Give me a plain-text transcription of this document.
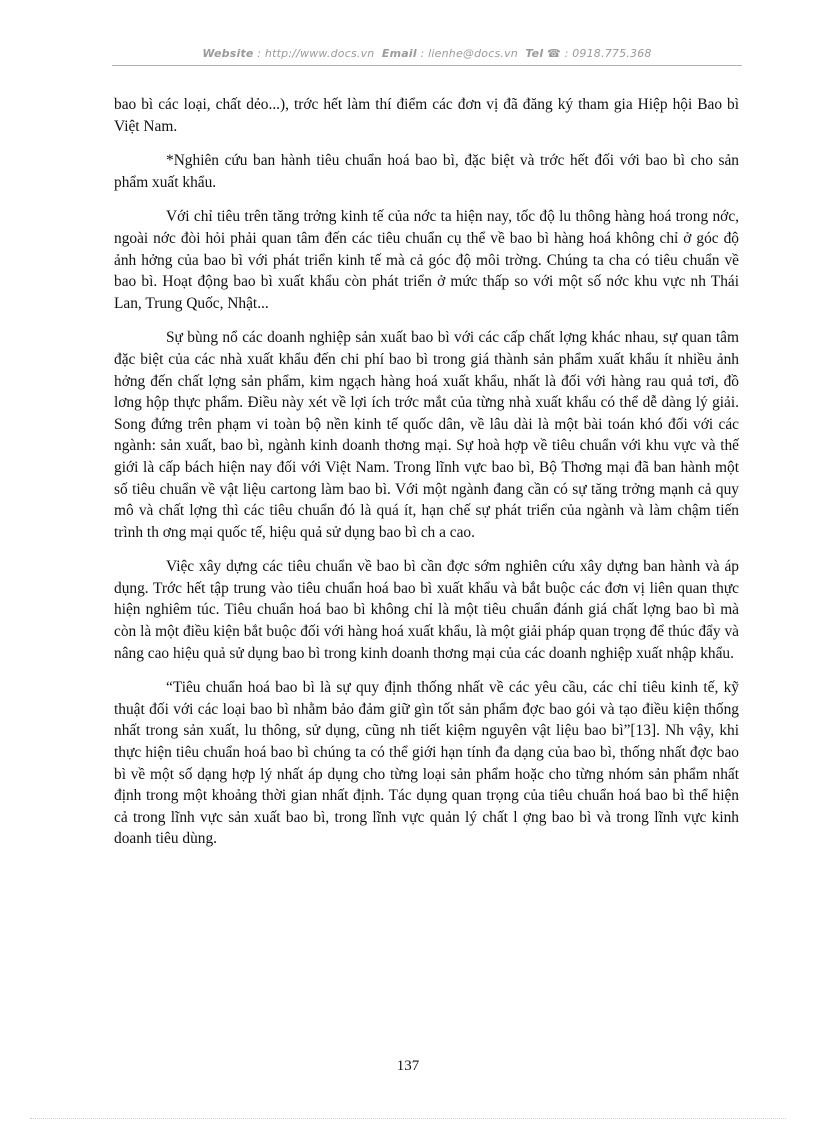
Website : http://www.docs.vn Email : lienhe@docs.vn Tel ☎ : 0918.775.368

bao bì các loại, chất dẻo...), trớc hết làm thí điểm các đơn vị đã đăng ký tham gia Hiệp hội Bao bì Việt Nam.

*Nghiên cứu ban hành tiêu chuẩn hoá bao bì, đặc biệt và trớc hết đối với bao bì cho sản phẩm xuất khẩu.

Với chỉ tiêu trên tăng trởng kinh tế của nớc ta hiện nay, tốc độ lu thông hàng hoá trong nớc, ngoài nớc đòi hỏi phải quan tâm đến các tiêu chuẩn cụ thể về bao bì hàng hoá không chỉ ở góc độ ảnh hởng của bao bì với phát triển kinh tế mà cả góc độ môi trờng. Chúng ta cha có tiêu chuẩn về bao bì. Hoạt động bao bì xuất khẩu còn phát triển ở mức thấp so với một số nớc khu vực nh Thái Lan, Trung Quốc, Nhật...

Sự bùng nổ các doanh nghiệp sản xuất bao bì với các cấp chất lợng khác nhau, sự quan tâm đặc biệt của các nhà xuất khẩu đến chi phí bao bì trong giá thành sản phẩm xuất khẩu ít nhiều ảnh hởng đến chất lợng sản phẩm, kim ngạch hàng hoá xuất khẩu, nhất là đối với hàng rau quả tơi, đồ lơng hộp thực phẩm. Điều này xét về lợi ích trớc mắt của từng nhà xuất khẩu có thể dễ dàng lý giải. Song đứng trên phạm vi toàn bộ nền kinh tế quốc dân, về lâu dài là một bài toán khó đối với các ngành: sản xuất, bao bì, ngành kinh doanh thơng mại. Sự hoà hợp về tiêu chuẩn với khu vực và thế giới là cấp bách hiện nay đối với Việt Nam. Trong lĩnh vực bao bì, Bộ Thơng mại đã ban hành một số tiêu chuẩn về vật liệu cartong làm bao bì. Với một ngành đang cần có sự tăng trởng mạnh cả quy mô và chất lợng thì các tiêu chuẩn đó là quá ít, hạn chế sự phát triển của ngành và làm chậm tiến trình th ơng mại quốc tế, hiệu quả sử dụng bao bì ch a cao.

Việc xây dựng các tiêu chuẩn về bao bì cần đợc sớm nghiên cứu xây dựng ban hành và áp dụng. Trớc hết tập trung vào tiêu chuẩn hoá bao bì xuất khẩu và bắt buộc các đơn vị liên quan thực hiện nghiêm túc. Tiêu chuẩn hoá bao bì không chỉ là một tiêu chuẩn đánh giá chất lợng bao bì mà còn là một điều kiện bắt buộc đối với hàng hoá xuất khẩu, là một giải pháp quan trọng để thúc đẩy và nâng cao hiệu quả sử dụng bao bì trong kinh doanh thơng mại của các doanh nghiệp xuất nhập khẩu.

“Tiêu chuẩn hoá bao bì là sự quy định thống nhất về các yêu cầu, các chỉ tiêu kinh tế, kỹ thuật đối với các loại bao bì nhằm bảo đảm giữ gìn tốt sản phẩm đợc bao gói và tạo điều kiện thống nhất trong sản xuất, lu thông, sử dụng, cũng nh tiết kiệm nguyên vật liệu bao bì”[13]. Nh vậy, khi thực hiện tiêu chuẩn hoá bao bì chúng ta có thể giới hạn tính đa dạng của bao bì, thống nhất đợc bao bì về một số dạng hợp lý nhất áp dụng cho từng loại sản phẩm hoặc cho từng nhóm sản phẩm nhất định trong một khoảng thời gian nhất định. Tác dụng quan trọng của tiêu chuẩn hoá bao bì thể hiện cả trong lĩnh vực sản xuất bao bì, trong lĩnh vực quản lý chất l ợng bao bì và trong lĩnh vực kinh doanh tiêu dùng.

137
